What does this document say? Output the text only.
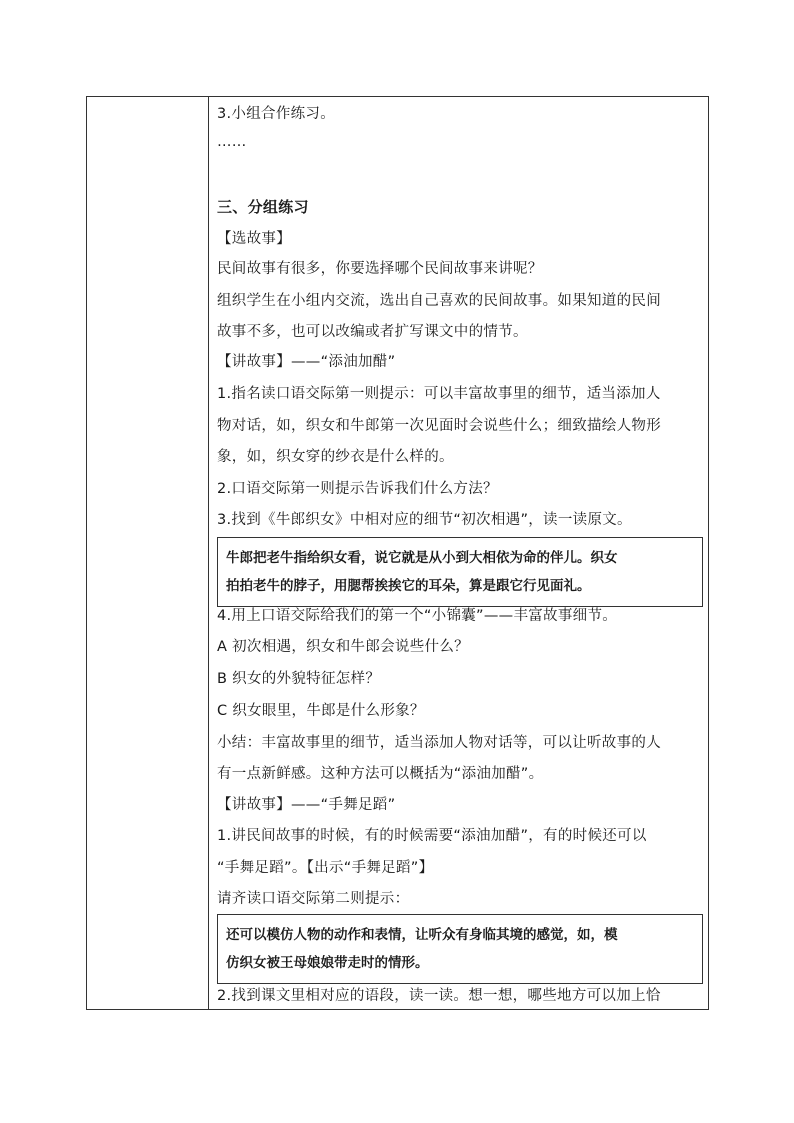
3.小组合作练习。
……
三、分组练习
【选故事】
民间故事有很多，你要选择哪个民间故事来讲呢？
组织学生在小组内交流，选出自己喜欢的民间故事。如果知道的民间
故事不多，也可以改编或者扩写课文中的情节。
【讲故事】——“添油加醋”
1.指名读口语交际第一则提示：可以丰富故事里的细节，适当添加人
物对话，如，织女和牛郎第一次见面时会说些什么；细致描绘人物形
象，如，织女穿的纱衣是什么样的。
2.口语交际第一则提示告诉我们什么方法？
3.找到《牛郎织女》中相对应的细节“初次相遇”，读一读原文。
牛郎把老牛指给织女看，说它就是从小到大相依为命的伴儿。织女
拍拍老牛的脖子，用腮帮挨挨它的耳朵，算是跟它行见面礼。
4.用上口语交际给我们的第一个“小锦囊”——丰富故事细节。
A 初次相遇，织女和牛郎会说些什么？
B 织女的外貌特征怎样？
C 织女眼里，牛郎是什么形象？
小结：丰富故事里的细节，适当添加人物对话等，可以让听故事的人
有一点新鲜感。这种方法可以概括为“添油加醋”。
【讲故事】——“手舞足蹈”
1.讲民间故事的时候，有的时候需要“添油加醋”，有的时候还可以
“手舞足蹈”。【出示“手舞足蹈”】
请齐读口语交际第二则提示：
还可以模仿人物的动作和表情，让听众有身临其境的感觉，如，模
仿织女被王母娘娘带走时的情形。
2.找到课文里相对应的语段，读一读。想一想，哪些地方可以加上恰
